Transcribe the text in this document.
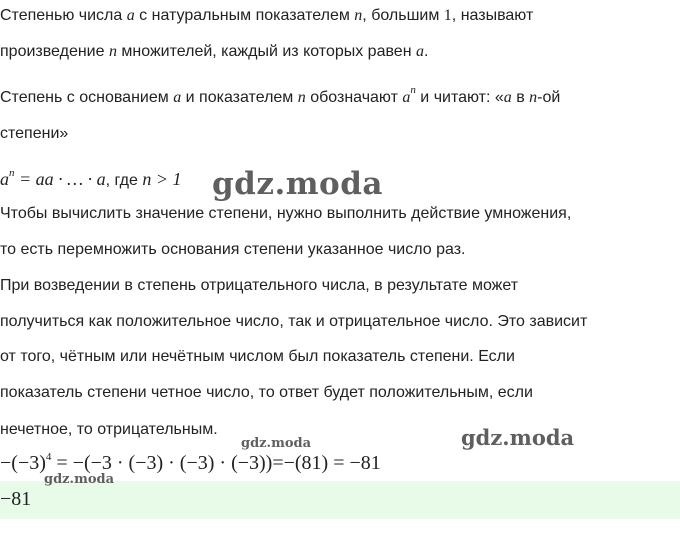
Степенью числа a с натуральным показателем n, большим 1, называют
произведение n множителей, каждый из которых равен a.
Степень с основанием a и показателем n обозначают $a^n$ и читают: «a в n-ой
степени»
$a^n$ = aa · … · a, где n > 1 gdz.moda
Чтобы вычислить значение степени, нужно выполнить действие умножения,
то есть перемножить основания степени указанное число раз.
При возведении в степень отрицательного числа, в результате может
получиться как положительное число, так и отрицательное число. Это зависит
от того, чётным или нечётным числом был показатель степени. Если
показатель степени четное число, то ответ будет положительным, если
нечетное, то отрицательным.
gdz.moda	gdz.moda
$-(-3)^4 = -(-3 \cdot (-3) \cdot (-3) \cdot (-3))=-(81) = -81$
−81
gdz.moda
